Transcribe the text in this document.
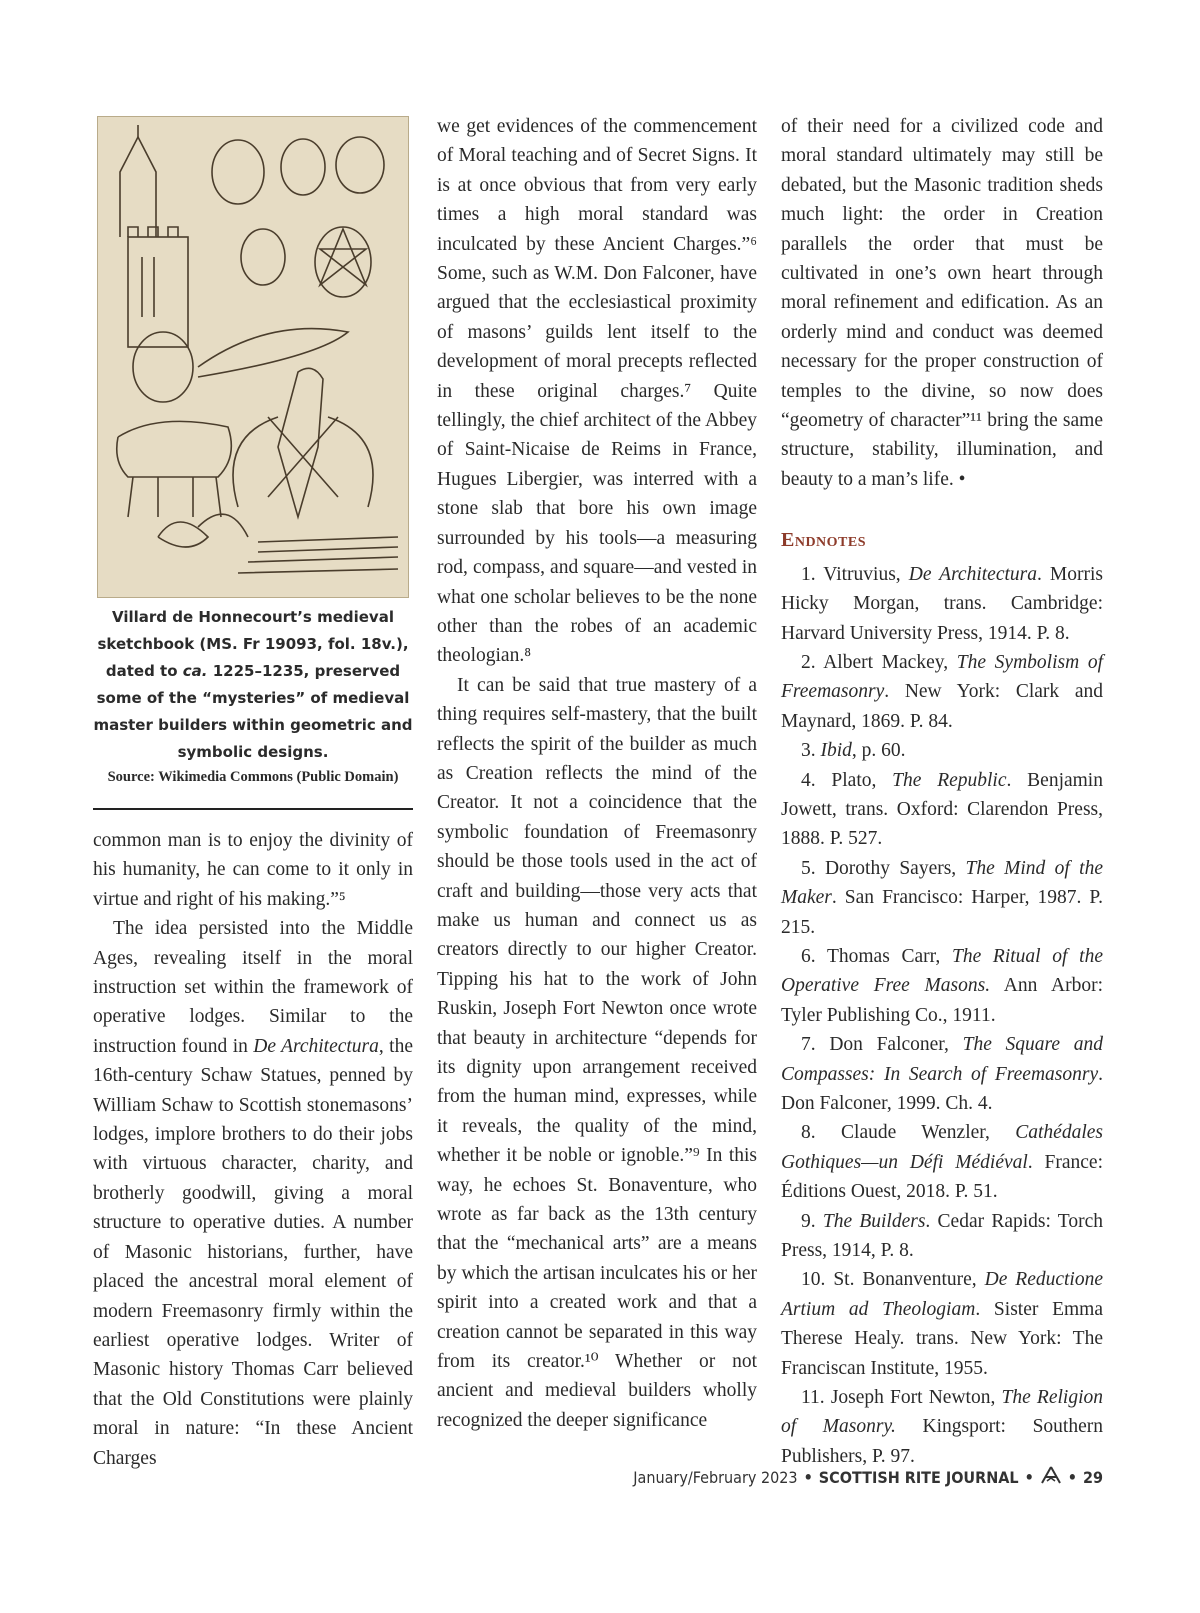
Villard de Honnecourt’s medieval sketchbook (MS. Fr 19093, fol. 18v.), dated to ca. 1225–1235, preserved some of the “mysteries” of medieval master builders within geometric and symbolic designs.
Source: Wikimedia Commons (Public Domain)

common man is to enjoy the divinity of his humanity, he can come to it only in virtue and right of his making.”⁵

The idea persisted into the Middle Ages, revealing itself in the moral instruction set within the framework of operative lodges. Similar to the instruction found in De Architectura, the 16th-century Schaw Statues, penned by William Schaw to Scottish stonemasons’ lodges, implore brothers to do their jobs with virtuous character, charity, and brotherly goodwill, giving a moral structure to operative duties. A number of Masonic historians, further, have placed the ancestral moral element of modern Freemasonry firmly within the earliest operative lodges. Writer of Masonic history Thomas Carr believed that the Old Constitutions were plainly moral in nature: “In these Ancient Charges

we get evidences of the commencement of Moral teaching and of Secret Signs. It is at once obvious that from very early times a high moral standard was inculcated by these Ancient Charges.”⁶ Some, such as W.M. Don Falconer, have argued that the ecclesiastical proximity of masons’ guilds lent itself to the development of moral precepts reflected in these original charges.⁷ Quite tellingly, the chief architect of the Abbey of Saint-Nicaise de Reims in France, Hugues Libergier, was interred with a stone slab that bore his own image surrounded by his tools—a measuring rod, compass, and square—and vested in what one scholar believes to be the none other than the robes of an academic theologian.⁸

It can be said that true mastery of a thing requires self-mastery, that the built reflects the spirit of the builder as much as Creation reflects the mind of the Creator. It not a coincidence that the symbolic foundation of Freemasonry should be those tools used in the act of craft and building—those very acts that make us human and connect us as creators directly to our higher Creator. Tipping his hat to the work of John Ruskin, Joseph Fort Newton once wrote that beauty in architecture “depends for its dignity upon arrangement received from the human mind, expresses, while it reveals, the quality of the mind, whether it be noble or ignoble.”⁹ In this way, he echoes St. Bonaventure, who wrote as far back as the 13th century that the “mechanical arts” are a means by which the artisan inculcates his or her spirit into a created work and that a creation cannot be separated in this way from its creator.¹⁰ Whether or not ancient and medieval builders wholly recognized the deeper significance

of their need for a civilized code and moral standard ultimately may still be debated, but the Masonic tradition sheds much light: the order in Creation parallels the order that must be cultivated in one’s own heart through moral refinement and edification. As an orderly mind and conduct was deemed necessary for the proper construction of temples to the divine, so now does “geometry of character”¹¹ bring the same structure, stability, illumination, and beauty to a man’s life. •

Endnotes

1. Vitruvius, De Architectura. Morris Hicky Morgan, trans. Cambridge: Harvard University Press, 1914. P. 8.

2. Albert Mackey, The Symbolism of Freemasonry. New York: Clark and Maynard, 1869. P. 84.

3. Ibid, p. 60.

4. Plato, The Republic. Benjamin Jowett, trans. Oxford: Clarendon Press, 1888. P. 527.

5. Dorothy Sayers, The Mind of the Maker. San Francisco: Harper, 1987. P. 215.

6. Thomas Carr, The Ritual of the Operative Free Masons. Ann Arbor: Tyler Publishing Co., 1911.

7. Don Falconer, The Square and Compasses: In Search of Freemasonry. Don Falconer, 1999. Ch. 4.

8. Claude Wenzler, Cathédales Gothiques—un Défi Médiéval. France: Éditions Ouest, 2018. P. 51.

9. The Builders. Cedar Rapids: Torch Press, 1914, P. 8.

10. St. Bonanventure, De Reductione Artium ad Theologiam. Sister Emma Therese Healy. trans. New York: The Franciscan Institute, 1955.

11. Joseph Fort Newton, The Religion of Masonry. Kingsport: Southern Publishers, P. 97.

January/February 2023 • SCOTTISH RITE JOURNAL • • 29
